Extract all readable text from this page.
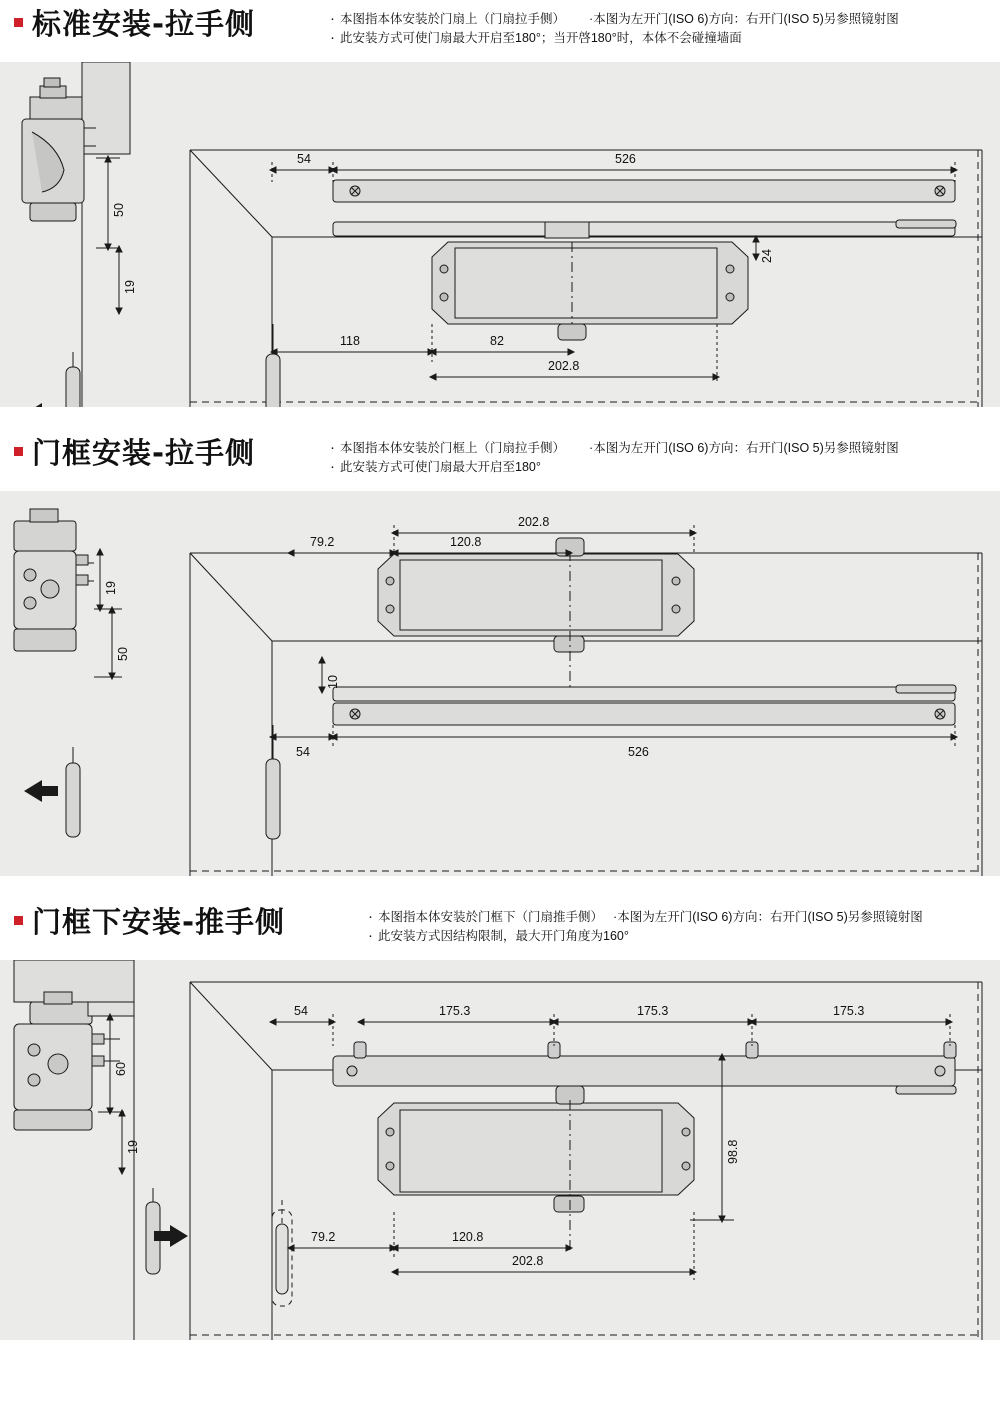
标准安装-拉手侧	· 本图指本体安装於门扇上（门扇拉手侧） ·本图为左开门(ISO 6)方向：右开门(ISO 5)另参照镜射图
· 此安装方式可使门扇最大开启至180°；当开啓180°时，本体不会碰撞墙面
54	526
50
19
24
118	82
202.8
门框安装-拉手侧	· 本图指本体安装於门框上（门扇拉手侧） ·本图为左开门(ISO 6)方向：右开门(ISO 5)另参照镜射图
· 此安装方式可使门扇最大开启至180°
202.8
79.2	120.8
19
50
10
54	526
门框下安装-推手侧	· 本图指本体安装於门框下（门扇推手侧） ·本图为左开门(ISO 6)方向：右开门(ISO 5)另参照镜射图
· 此安装方式因结构限制，最大开门角度为160°
54	175.3	175.3	175.3
60
19	98.8
79.2	120.8
202.8
